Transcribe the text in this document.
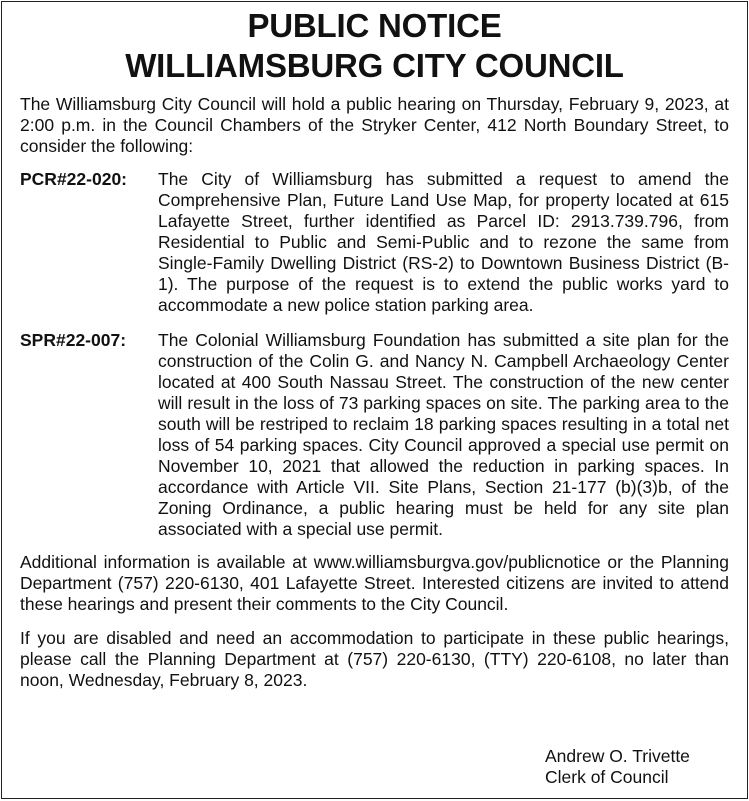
PUBLIC NOTICE
WILLIAMSBURG CITY COUNCIL

The Williamsburg City Council will hold a public hearing on Thursday, February 9, 2023, at 2:00 p.m. in the Council Chambers of the Stryker Center, 412 North Boundary Street, to consider the following:

PCR#22-020:	The City of Williamsburg has submitted a request to amend the Comprehensive Plan, Future Land Use Map, for property located at 615 Lafayette Street, further identified as Parcel ID: 2913.739.796, from Residential to Public and Semi-Public and to rezone the same from Single-Family Dwelling District (RS-2) to Downtown Business District (B-1). The purpose of the request is to extend the public works yard to accommodate a new police station parking area.
SPR#22-007:	The Colonial Williamsburg Foundation has submitted a site plan for the construction of the Colin G. and Nancy N. Campbell Archaeology Center located at 400 South Nassau Street. The construction of the new center will result in the loss of 73 parking spaces on site. The parking area to the south will be restriped to reclaim 18 parking spaces resulting in a total net loss of 54 parking spaces. City Council approved a special use permit on November 10, 2021 that allowed the reduction in parking spaces. In accordance with Article VII. Site Plans, Section 21-177 (b)(3)b, of the Zoning Ordinance, a public hearing must be held for any site plan associated with a special use permit.

Additional information is available at www.williamsburgva.gov/publicnotice or the Planning Department (757) 220-6130, 401 Lafayette Street. Interested citizens are invited to attend these hearings and present their comments to the City Council.

If you are disabled and need an accommodation to participate in these public hearings, please call the Planning Department at (757) 220-6130, (TTY) 220-6108, no later than noon, Wednesday, February 8, 2023.

Andrew O. Trivette
Clerk of Council
